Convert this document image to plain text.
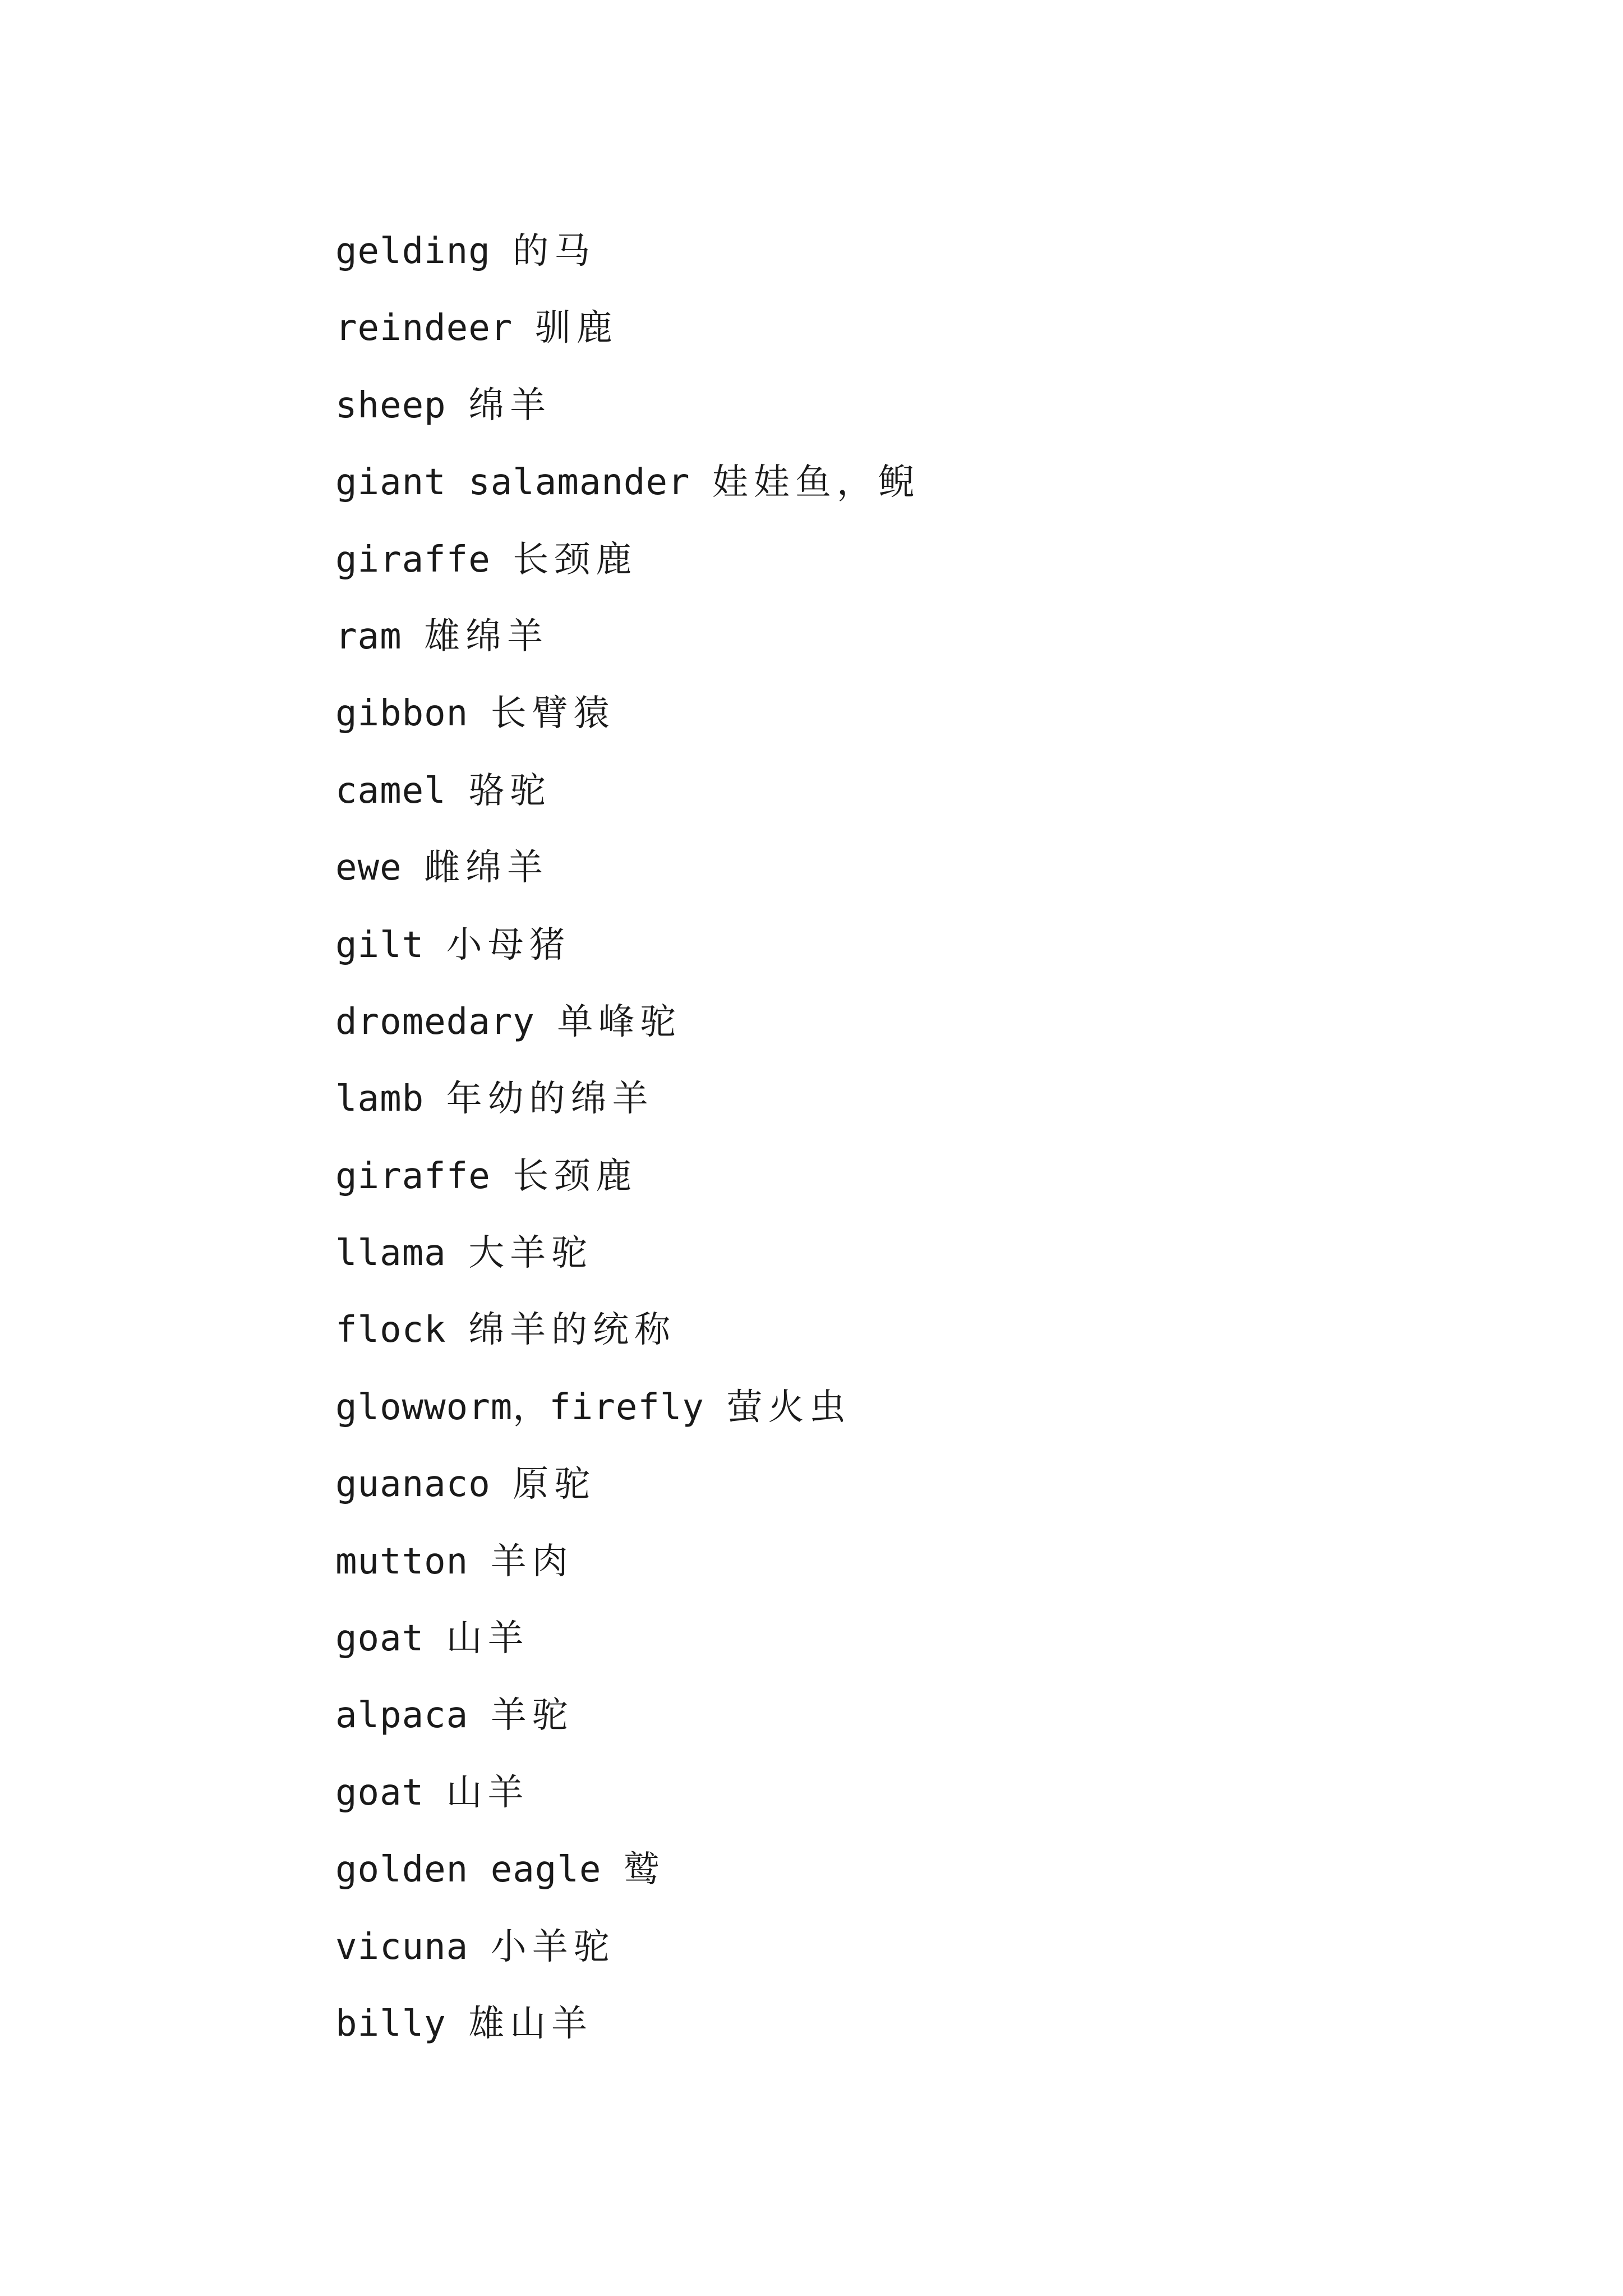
gelding 的马
reindeer 驯鹿
sheep 绵羊
giant salamander 娃娃鱼，鲵
giraffe 长颈鹿
ram 雄绵羊
gibbon 长臂猿
camel 骆驼
ewe 雌绵羊
gilt 小母猪
dromedary 单峰驼
lamb 年幼的绵羊
giraffe 长颈鹿
llama 大羊驼
flock 绵羊的统称
glowworm，firefly 萤火虫
guanaco 原驼
mutton 羊肉
goat 山羊
alpaca 羊驼
goat 山羊
golden eagle 鹫
vicuna 小羊驼
billy 雄山羊
